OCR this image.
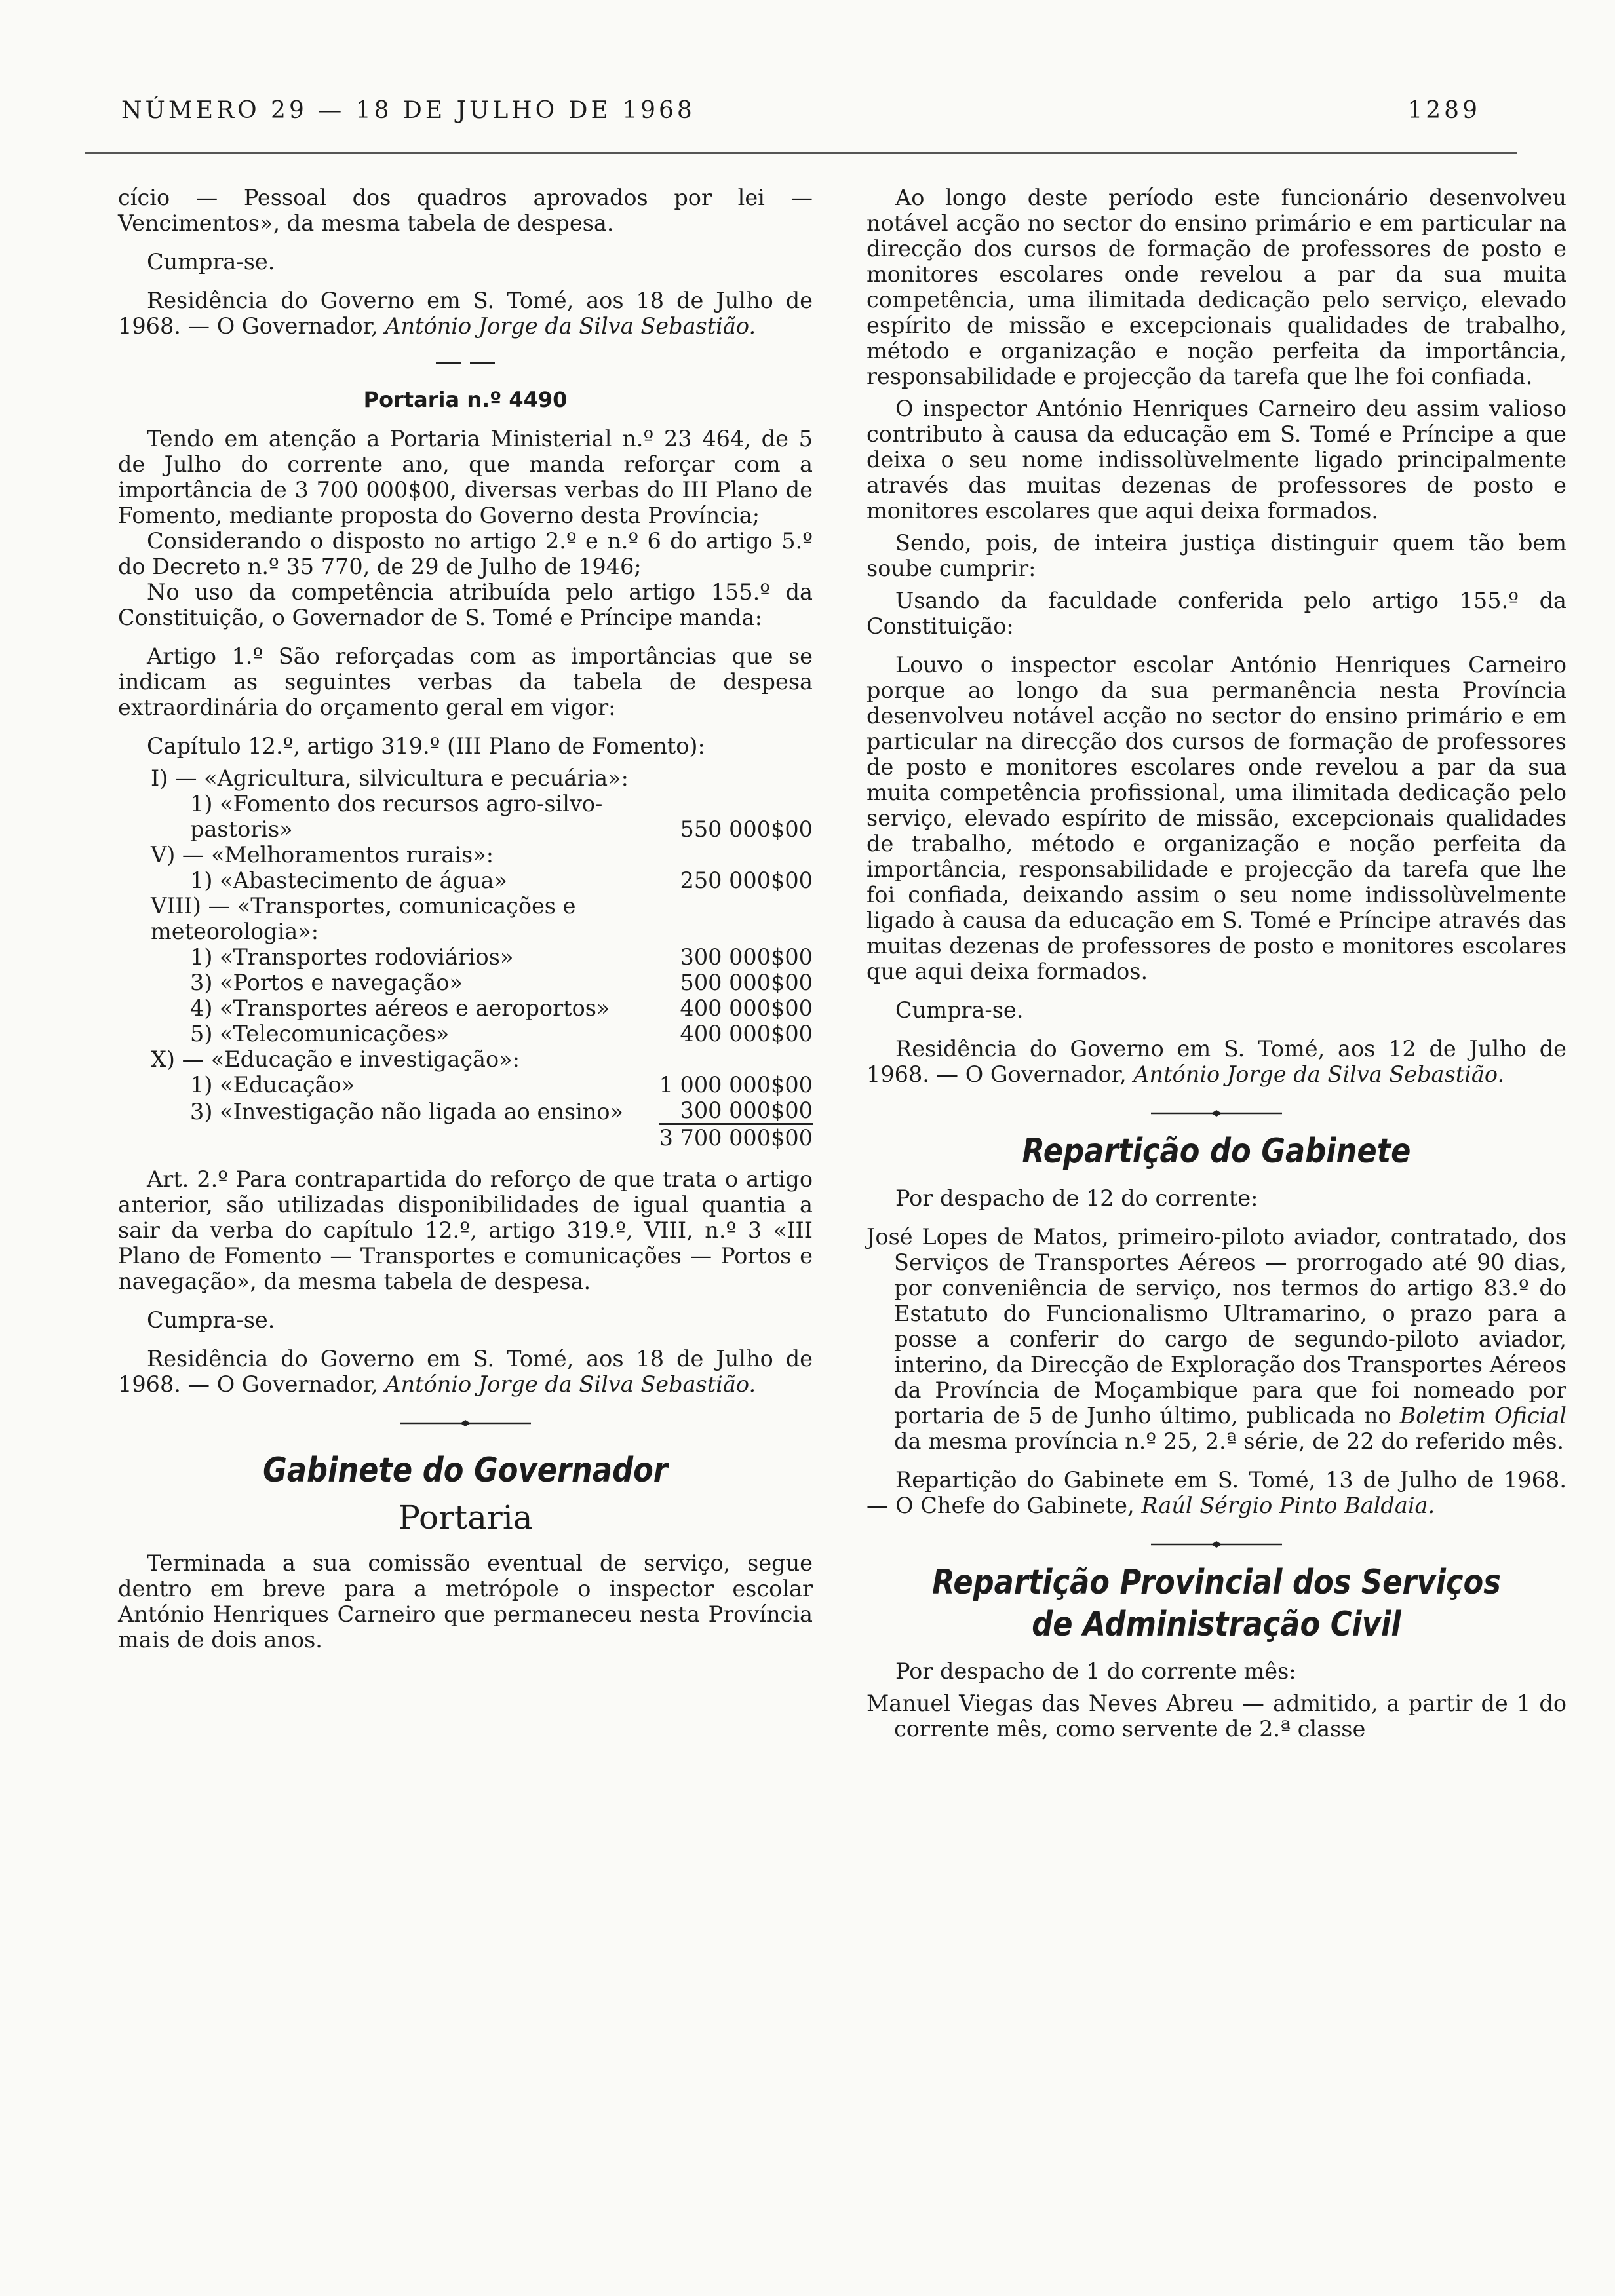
NÚMERO 29 — 18 DE JULHO DE 1968	1289

cício — Pessoal dos quadros aprovados por lei — Vencimentos», da mesma tabela de despesa.

Cumpra-se.

Residência do Governo em S. Tomé, aos 18 de Julho de 1968. — O Governador, António Jorge da Silva Sebastião.

Portaria n.º 4490

Tendo em atenção a Portaria Ministerial n.º 23 464, de 5 de Julho do corrente ano, que manda reforçar com a importância de 3 700 000$00, diversas verbas do III Plano de Fomento, mediante proposta do Governo desta Província;

Considerando o disposto no artigo 2.º e n.º 6 do artigo 5.º do Decreto n.º 35 770, de 29 de Julho de 1946;

No uso da competência atribuída pelo artigo 155.º da Constituição, o Governador de S. Tomé e Príncipe manda:

Artigo 1.º São reforçadas com as importâncias que se indicam as seguintes verbas da tabela de despesa extraordinária do orçamento geral em vigor:

Capítulo 12.º, artigo 319.º (III Plano de Fomento):

I) — «Agricultura, silvicultura e pecuária»:	
1) «Fomento dos recursos agro-silvo-pastoris»	550 000$00
V) — «Melhoramentos rurais»:	
1) «Abastecimento de água»	250 000$00
VIII) — «Transportes, comunicações e meteorologia»:	
1) «Transportes rodoviários»	300 000$00
3) «Portos e navegação»	500 000$00
4) «Transportes aéreos e aeroportos»	400 000$00
5) «Telecomunicações»	400 000$00
X) — «Educação e investigação»:	
1) «Educação»	1 000 000$00
3) «Investigação não ligada ao ensino»	300 000$00
	3 700 000$00

Art. 2.º Para contrapartida do reforço de que trata o artigo anterior, são utilizadas disponibilidades de igual quantia a sair da verba do capítulo 12.º, artigo 319.º, VIII, n.º 3 «III Plano de Fomento — Transportes e comunicações — Portos e navegação», da mesma tabela de despesa.

Cumpra-se.

Residência do Governo em S. Tomé, aos 18 de Julho de 1968. — O Governador, António Jorge da Silva Sebastião.

Gabinete do Governador
Portaria

Terminada a sua comissão eventual de serviço, segue dentro em breve para a metrópole o inspector escolar António Henriques Carneiro que permaneceu nesta Província mais de dois anos.

Ao longo deste período este funcionário desenvolveu notável acção no sector do ensino primário e em particular na direcção dos cursos de formação de professores de posto e monitores escolares onde revelou a par da sua muita competência, uma ilimitada dedicação pelo serviço, elevado espírito de missão e excepcionais qualidades de trabalho, método e organização e noção perfeita da importância, responsabilidade e projecção da tarefa que lhe foi confiada.

O inspector António Henriques Carneiro deu assim valioso contributo à causa da educação em S. Tomé e Príncipe a que deixa o seu nome indissolùvelmente ligado principalmente através das muitas dezenas de professores de posto e monitores escolares que aqui deixa formados.

Sendo, pois, de inteira justiça distinguir quem tão bem soube cumprir:

Usando da faculdade conferida pelo artigo 155.º da Constituição:

Louvo o inspector escolar António Henriques Carneiro porque ao longo da sua permanência nesta Província desenvolveu notável acção no sector do ensino primário e em particular na direcção dos cursos de formação de professores de posto e monitores escolares onde revelou a par da sua muita competência profissional, uma ilimitada dedicação pelo serviço, elevado espírito de missão, excepcionais qualidades de trabalho, método e organização e noção perfeita da importância, responsabilidade e projecção da tarefa que lhe foi confiada, deixando assim o seu nome indissolùvelmente ligado à causa da educação em S. Tomé e Príncipe através das muitas dezenas de professores de posto e monitores escolares que aqui deixa formados.

Cumpra-se.

Residência do Governo em S. Tomé, aos 12 de Julho de 1968. — O Governador, António Jorge da Silva Sebastião.

Repartição do Gabinete

Por despacho de 12 do corrente:

José Lopes de Matos, primeiro-piloto aviador, contratado, dos Serviços de Transportes Aéreos — prorrogado até 90 dias, por conveniência de serviço, nos termos do artigo 83.º do Estatuto do Funcionalismo Ultramarino, o prazo para a posse a conferir do cargo de segundo-piloto aviador, interino, da Direcção de Exploração dos Transportes Aéreos da Província de Moçambique para que foi nomeado por portaria de 5 de Junho último, publicada no Boletim Oficial da mesma província n.º 25, 2.ª série, de 22 do referido mês.

Repartição do Gabinete em S. Tomé, 13 de Julho de 1968. — O Chefe do Gabinete, Raúl Sérgio Pinto Baldaia.

Repartição Provincial dos Serviços
de Administração Civil

Por despacho de 1 do corrente mês:

Manuel Viegas das Neves Abreu — admitido, a partir de 1 do corrente mês, como servente de 2.ª classe
